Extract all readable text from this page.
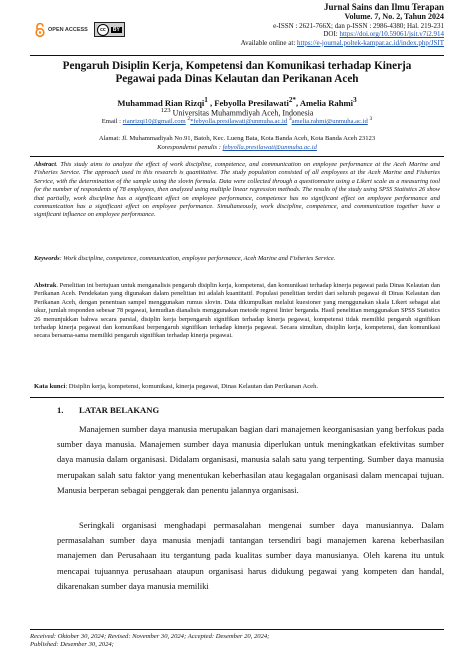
OPEN ACCESS	cc	BY
Jurnal Sains dan Ilmu Terapan
Volume. 7, No. 2, Tahun 2024
e-ISSN : 2621-766X; dan p-ISSN : 2986-4380; Hal. 219-231
DOI: https://doi.org/10.59061/jsit.v7i2.914
Available online at: https://e-journal.poltek-kampar.ac.id/index.php/JSIT
Pengaruh Disiplin Kerja, Kompetensi dan Komunikasi terhadap Kinerja
Pegawai pada Dinas Kelautan dan Perikanan Aceh
Muhammad Rian Rizqi$^1$ , Febyolla Presilawati$^{2*}$, Amelia Rahmi$^3$
$^{123}$ Universitas Muhammdiyah Aceh, Indonesia
Email : rianrizqi10@gmail.com $^2$*febyolla.presilawati@unmuha.ac.id $^3$amelia.rahmi@unmuha.ac.id $^3$
Alamat: Jl. Muhammadiyah No.91, Batoh, Kec. Lueng Bata, Kota Banda Aceh, Kota Banda Aceh 23123
Korespondensi penulis : febyolla.presilawati@unmuha.ac.id
Abstract. This study aims to analyze the effect of work discipline, competence, and communication on employee performance at the Aceh Marine and Fisheries Service. The approach used in this research is quantitative. The study population consisted of all employees at the Aceh Marine and Fisheries Service, with the determination of the sample using the slovin formula. Data were collected through a questionnaire using a Likert scale as a measuring tool for the number of respondents of 78 employees, then analyzed using multiple linear regression methods. The results of the study using SPSS Statistics 26 show that partially, work discipline has a significant effect on employee performance, competence has no significant effect on employee performance and communication has a significant effect on employee performance. Simultaneously, work discipline, competence, and communication together have a significant influence on employee performance.
Keywords: Work discipline, competence, communication, employee performance, Aceh Marine and Fisheries Service.
Abstrak. Penelitian ini bertujuan untuk menganalisis pengaruh disiplin kerja, kompetensi, dan komunikasi terhadap kinerja pegawai pada Dinas Kelautan dan Perikanan Aceh. Pendekatan yang digunakan dalam penelitian ini adalah kuantitatif. Populasi penelitian terdiri dari seluruh pegawai di Dinas Kelautan dan Perikanan Aceh, dengan penentuan sampel menggunakan rumus slovin. Data dikumpulkan melalui kuesioner yang menggunakan skala Likert sebagai alat ukur, jumlah responden sebesar 78 pegawai, kemudian dianalisis menggunakan metode regresi linier berganda. Hasil penelitian menggunakan SPSS Statistics 26 menunjukkan bahwa secara parsial, disiplin kerja berpengaruh signifikan terhadap kinerja pegawai, kompetensi tidak memiliki pengaruh signifikan terhadap kinerja pegawai dan komunikasi berpengaruh signifikan terhadap kinerja pegawai. Secara simultan, disiplin kerja, kompetensi, dan komunikasi secara bersama-sama memiliki pengaruh signifikan terhadap kinerja pegawai.
Kata kunci: Disiplin kerja, kompetensi, komunikasi, kinerja pegawai, Dinas Kelautan dan Perikanan Aceh.
1. LATAR BELAKANG

Manajemen sumber daya manusia merupakan bagian dari manajemen keorganisasian yang berfokus pada sumber daya manusia. Manajemen sumber daya manusia diperlukan untuk meningkatkan efektivitas sumber daya manusia dalam organisasi. Didalam organisasi, manusia salah satu yang terpenting. Sumber daya manusia merupakan salah satu faktor yang menentukan keberhasilan atau kegagalan organisasi dalam mencapai tujuan. Manusia berperan sebagai penggerak dan penentu jalannya organisasi.

Seringkali organisasi menghadapi permasalahan mengenai sumber daya manusiannya. Dalam permasalahan sumber daya manusia menjadi tantangan tersendiri bagi manajemen karena keberhasilan manajemen dan Perusahaan itu tergantung pada kualitas sumber daya manusianya. Oleh karena itu untuk mencapai tujuannya perusahaan ataupun organisasi harus didukung pegawai yang kompeten dan handal, dikarenakan sumber daya manusia memiliki

Received: Oktober 30, 2024; Revised: November 30, 2024; Accepted: Desember 20, 2024;
Published: Desember 30, 2024;
